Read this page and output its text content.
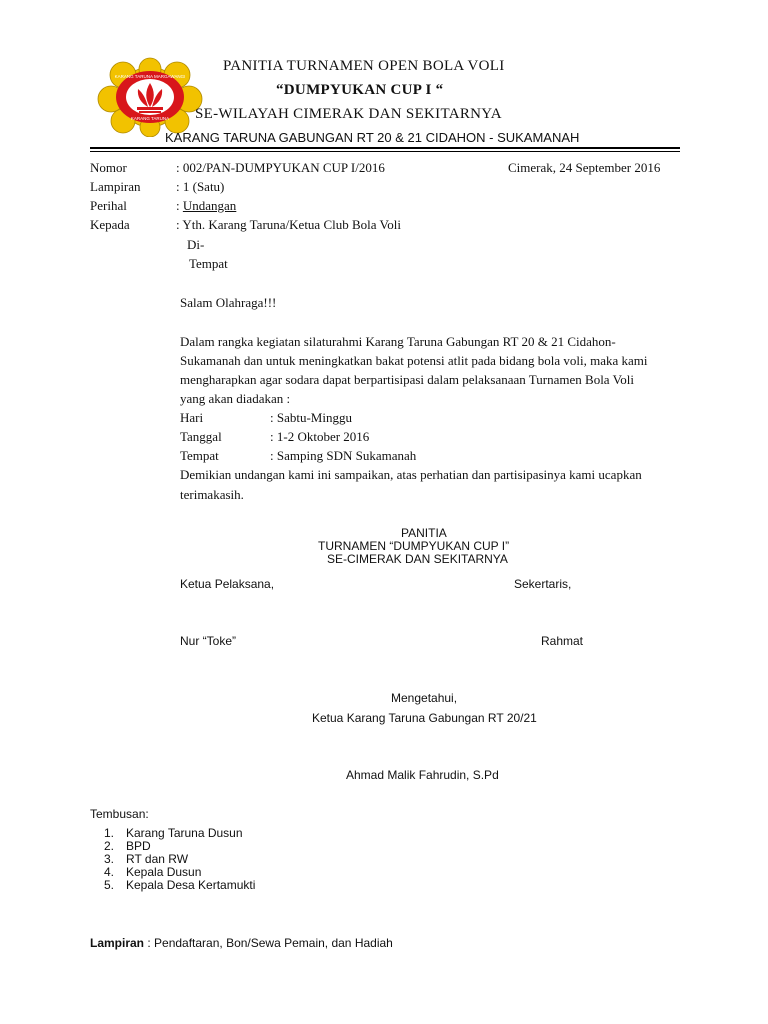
KARANG TARUNA MARGAWANGI
KARANG TARUNA
PANITIA TURNAMEN OPEN BOLA VOLI
“DUMPYUKAN CUP I “
SE-WILAYAH CIMERAK DAN SEKITARNYA
KARANG TARUNA GABUNGAN RT 20 & 21 CIDAHON - SUKAMANAH
Nomor	: 002/PAN-DUMPYUKAN CUP I/2016	Cimerak, 24 September 2016
Lampiran	: 1 (Satu)
Perihal	: Undangan
Kepada	: Yth. Karang Taruna/Ketua Club Bola Voli
Di-
Tempat
Salam Olahraga!!!
Dalam rangka kegiatan silaturahmi Karang Taruna Gabungan RT 20 & 21 Cidahon-
Sukamanah dan untuk meningkatkan bakat potensi atlit pada bidang bola voli, maka kami
mengharapkan agar sodara dapat berpartisipasi dalam pelaksanaan Turnamen Bola Voli
yang akan diadakan :
Hari	: Sabtu-Minggu
Tanggal	: 1-2 Oktober 2016
Tempat	: Samping SDN Sukamanah
Demikian undangan kami ini sampaikan, atas perhatian dan partisipasinya kami ucapkan
terimakasih.
PANITIA
TURNAMEN “DUMPYUKAN CUP I”
SE-CIMERAK DAN SEKITARNYA
Ketua Pelaksana,	Sekertaris,
Nur “Toke”	Rahmat
Mengetahui,
Ketua Karang Taruna Gabungan RT 20/21
Ahmad Malik Fahrudin, S.Pd
Tembusan:
1. Karang Taruna Dusun
2. BPD
3. RT dan RW
4. Kepala Dusun
5. Kepala Desa Kertamukti
Lampiran : Pendaftaran, Bon/Sewa Pemain, dan Hadiah
